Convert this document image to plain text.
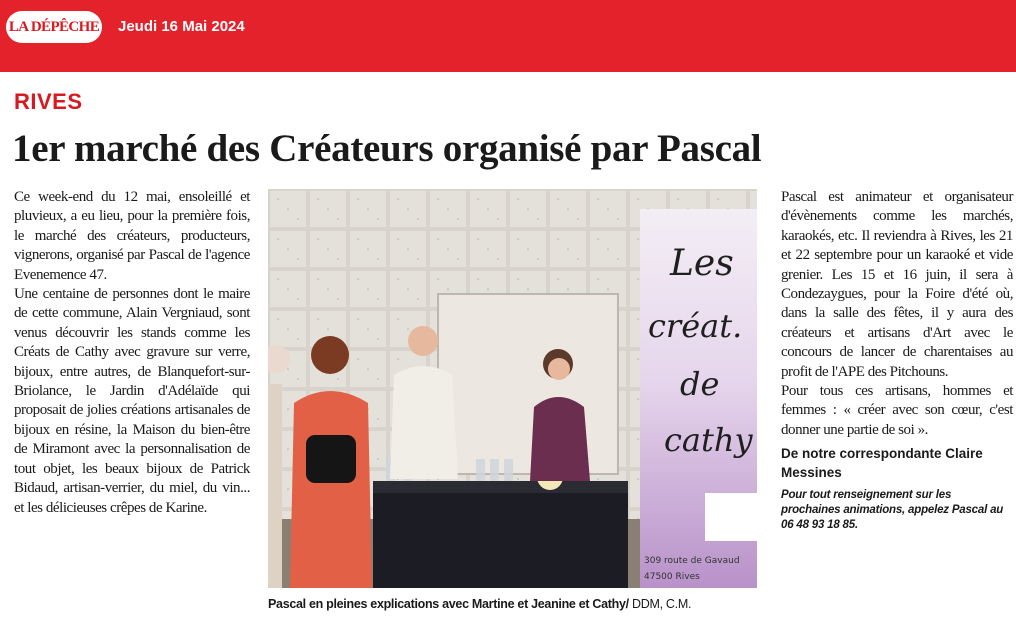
LA DÉPÊCHE Jeudi 16 Mai 2024
RIVES
1er marché des Créateurs organisé par Pascal

Ce week-end du 12 mai, ensoleillé et pluvieux, a eu lieu, pour la première fois, le marché des créateurs, producteurs, vignerons, organisé par Pascal de l'agence Evenemence 47.

Une centaine de personnes dont le maire de cette commune, Alain Vergniaud, sont venus découvrir les stands comme les Créats de Cathy avec gravure sur verre, bijoux, entre autres, de Blanquefort-sur-Briolance, le Jardin d'Adélaïde qui proposait de jolies créations artisanales de bijoux en résine, la Maison du bien-être de Miramont avec la personnalisation de tout objet, les beaux bijoux de Patrick Bidaud, artisan-verrier, du miel, du vin... et les délicieuses crêpes de Karine.

Les
créat.
de
cathy
309 route de Gavaud
47500 Rives
Pascal en pleines explications avec Martine et Jeanine et Cathy/ DDM, C.M.

Pascal est animateur et organisateur d'évènements comme les marchés, karaokés, etc. Il reviendra à Rives, les 21 et 22 septembre pour un karaoké et vide grenier. Les 15 et 16 juin, il sera à Condezaygues, pour la Foire d'été où, dans la salle des fêtes, il y aura des créateurs et artisans d'Art avec le concours de lancer de charentaises au profit de l'APE des Pitchouns.

Pour tous ces artisans, hommes et femmes : « créer avec son cœur, c'est donner une partie de soi ».

De notre correspondante Claire Messines

Pour tout renseignement sur les prochaines animations, appelez Pascal au 06 48 93 18 85.
